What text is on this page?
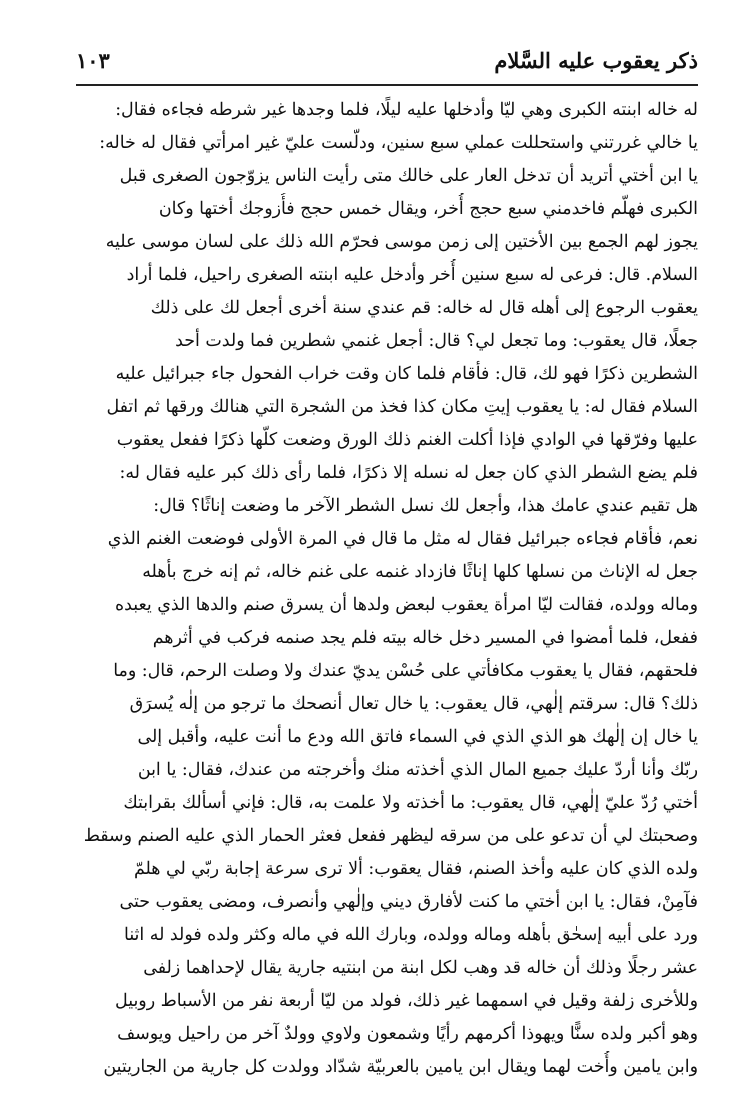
ذكر يعقوب عليه السَّلام
١٠٣
له خاله ابنته الكبرى وهي ليّا وأدخلها عليه ليلًا، فلما وجدها غير شرطه فجاءه فقال:
يا خالي غررتني واستحللت عملي سبع سنين، ودلّست عليّ غير امرأتي فقال له خاله:
يا ابن أختي أتريد أن تدخل العار على خالك متى رأيت الناس يزوّجون الصغرى قبل
الكبرى فهلّم فاخدمني سبع حجج أُخر، ويقال خمس حجج فأُزوجك أختها وكان
يجوز لهم الجمع بين الأختين إلى زمن موسى فحرّم الله ذلك على لسان موسى عليه
السلام. قال: فرعى له سبع سنين أُخر وأدخل عليه ابنته الصغرى راحيل، فلما أراد
يعقوب الرجوع إلى أهله قال له خاله: قم عندي سنة أخرى أجعل لك على ذلك
جعلًا، قال يعقوب: وما تجعل لي؟ قال: أجعل غنمي شطرين فما ولدت أحد
الشطرين ذكرًا فهو لك، قال: فأقام فلما كان وقت خراب الفحول جاء جبرائيل عليه
السلام فقال له: يا يعقوب إيتِ مكان كذا فخذ من الشجرة التي هنالك ورقها ثم اتفل
عليها وفرّقها في الوادي فإذا أكلت الغنم ذلك الورق وضعت كلّها ذكرًا ففعل يعقوب
فلم يضع الشطر الذي كان جعل له نسله إلا ذكرًا، فلما رأى ذلك كبر عليه فقال له:
هل تقيم عندي عامك هذا، وأجعل لك نسل الشطر الآخر ما وضعت إناثًا؟ قال:
نعم، فأقام فجاءه جبرائيل فقال له مثل ما قال في المرة الأولى فوضعت الغنم الذي
جعل له الإناث من نسلها كلها إناثًا فازداد غنمه على غنم خاله، ثم إنه خرج بأهله
وماله وولده، فقالت ليّا امرأة يعقوب لبعض ولدها أن يسرق صنم والدها الذي يعبده
ففعل، فلما أمضوا في المسير دخل خاله بيته فلم يجد صنمه فركب في أثرهم
فلحقهم، فقال يا يعقوب مكافأتي على حُسْن يديّ عندك ولا وصلت الرحم، قال: وما
ذلك؟ قال: سرقتم إلٰهي، قال يعقوب: يا خال تعال أنصحك ما ترجو من إلٰه يُسرَق
يا خال إن إلٰهك هو الذي الذي في السماء فاتق الله ودع ما أنت عليه، وأقبل إلى
ربّك وأنا أردّ عليك جميع المال الذي أخذته منك وأخرجته من عندك، فقال: يا ابن
أختي رُدّ عليّ إلٰهي، قال يعقوب: ما أخذته ولا علمت به، قال: فإني أسألك بقرابتك
وصحبتك لي أن تدعو على من سرقه ليظهر ففعل فعثر الحمار الذي عليه الصنم وسقط
ولده الذي كان عليه وأخذ الصنم، فقال يعقوب: ألا ترى سرعة إجابة ربّي لي هلمّ
فآمِنْ، فقال: يا ابن أختي ما كنت لأفارق ديني وإلٰهي وأنصرف، ومضى يعقوب حتى
ورد على أبيه إسحٰق بأهله وماله وولده، وبارك الله في ماله وكثر ولده فولد له اثنا
عشر رجلًا وذلك أن خاله قد وهب لكل ابنة من ابنتيه جارية يقال لإحداهما زلفى
وللأخرى زلفة وقيل في اسمهما غير ذلك، فولد من ليّا أربعة نفر من الأسباط روبيل
وهو أكبر ولده سنًّا ويهوذا أكرمهم رأيًا وشمعون ولاوي وولدٌ آخر من راحيل ويوسف
وابن يامين وأُخت لهما ويقال ابن يامين بالعربيّة شدّاد وولدت كل جارية من الجاريتين
